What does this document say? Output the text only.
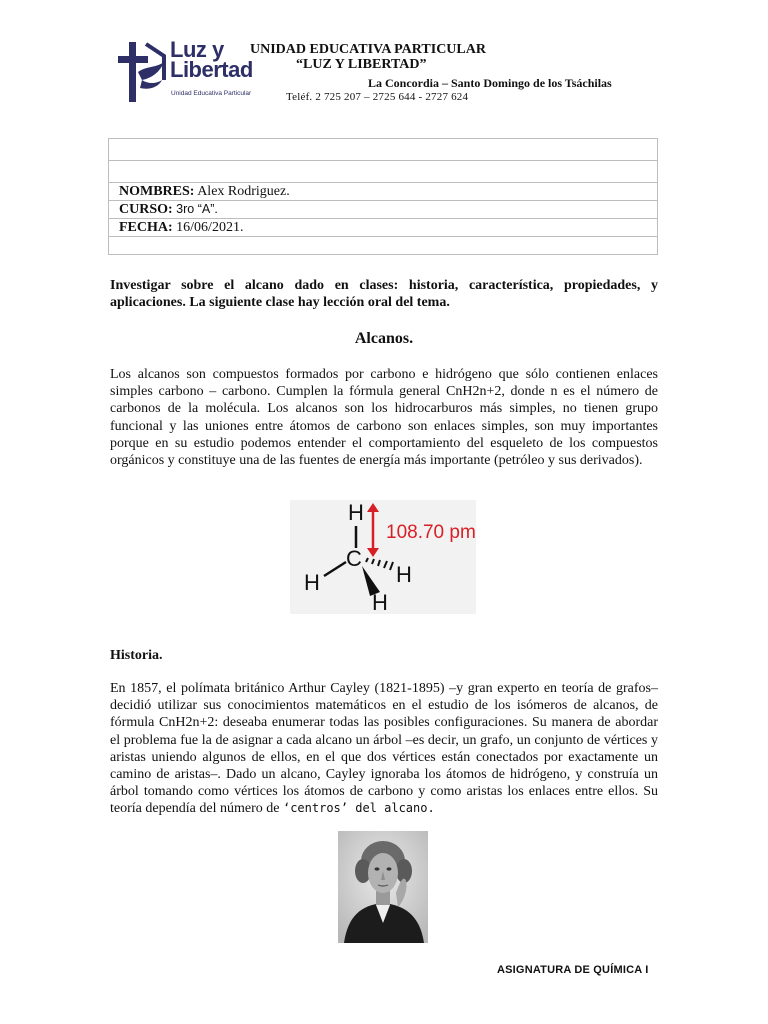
Luz y
Libertad
Unidad Educativa Particular
UNIDAD EDUCATIVA PARTICULAR
“LUZ Y LIBERTAD”
La Concordia – Santo Domingo de los Tsáchilas
Teléf. 2 725 207 – 2725 644 - 2727 624

NOMBRES: Alex Rodriguez.
CURSO: 3ro “A”.
FECHA: 16/06/2021.

Investigar sobre el alcano dado en clases: historia, característica, propiedades, y aplicaciones. La siguiente clase hay lección oral del tema.
Alcanos.
Los alcanos son compuestos formados por carbono e hidrógeno que sólo contienen enlaces simples carbono – carbono. Cumplen la fórmula general CnH2n+2, donde n es el número de carbonos de la molécula. Los alcanos son los hidrocarburos más simples, no tienen grupo funcional y las uniones entre átomos de carbono son enlaces simples, son muy importantes porque en su estudio podemos entender el comportamiento del esqueleto de los compuestos orgánicos y constituye una de las fuentes de energía más importante (petróleo y sus derivados).
H
C
H	H
H
108.70 pm
Historia.
En 1857, el polímata británico Arthur Cayley (1821-1895) –y gran experto en teoría de grafos– decidió utilizar sus conocimientos matemáticos en el estudio de los isómeros de alcanos, de fórmula CnH2n+2: deseaba enumerar todas las posibles configuraciones. Su manera de abordar el problema fue la de asignar a cada alcano un árbol –es decir, un grafo, un conjunto de vértices y aristas uniendo algunos de ellos, en el que dos vértices están conectados por exactamente un camino de aristas–. Dado un alcano, Cayley ignoraba los átomos de hidrógeno, y construía un árbol tomando como vértices los átomos de carbono y como aristas los enlaces entre ellos. Su teoría dependía del número de ‘centros’ del alcano.
ASIGNATURA DE QUÍMICA I
